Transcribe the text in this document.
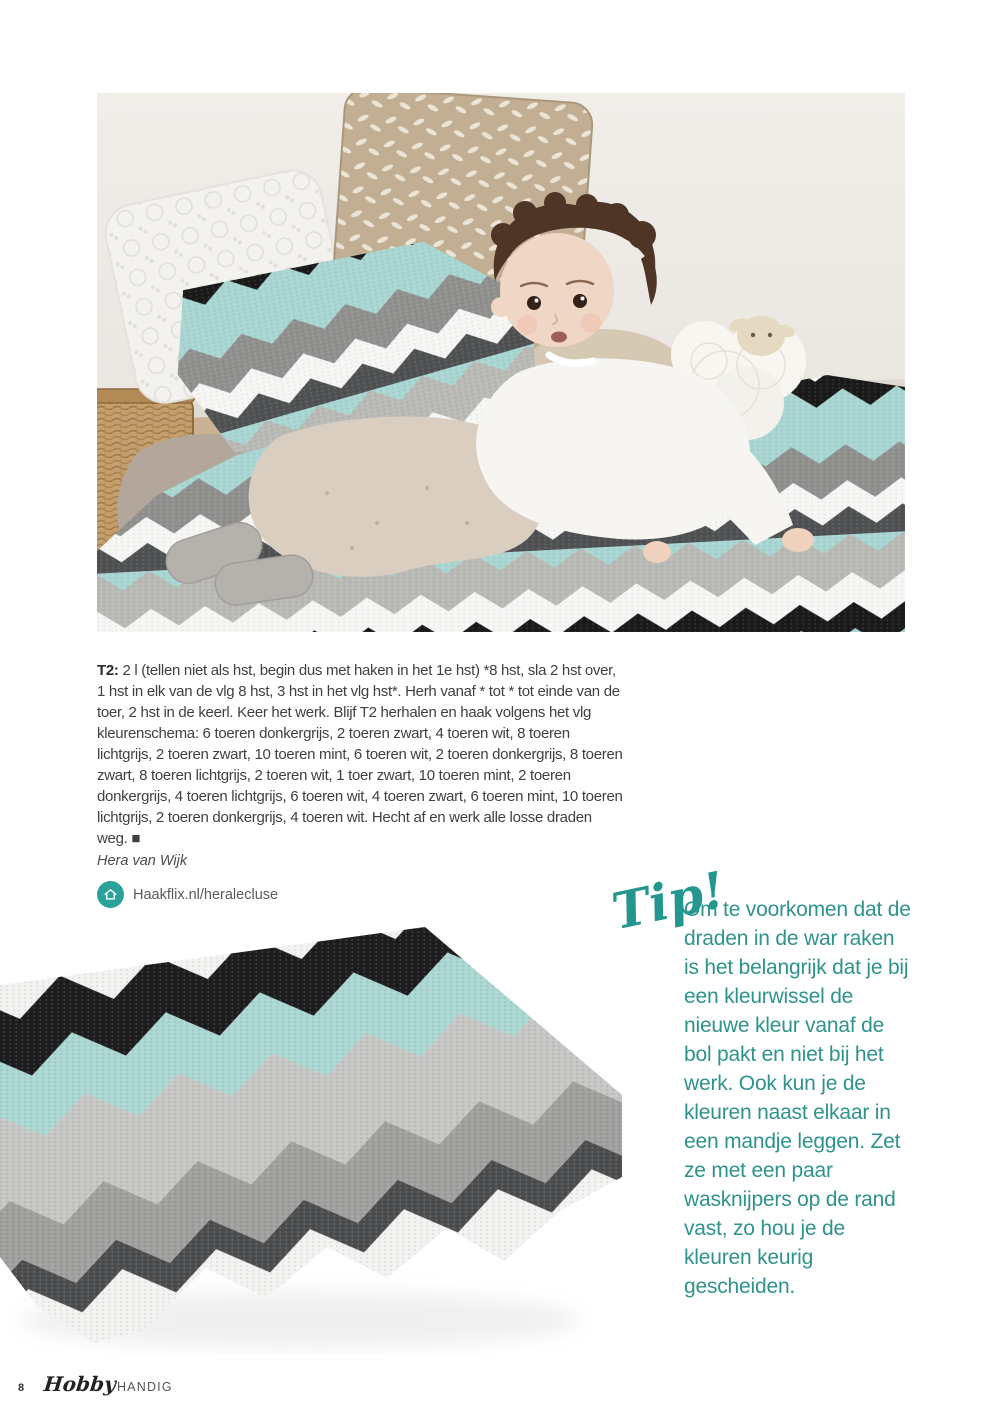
T2: 2 l (tellen niet als hst, begin dus met haken in het 1e hst) *8 hst, sla 2 hst over, 1 hst in elk van de vlg 8 hst, 3 hst in het vlg hst*. Herh vanaf * tot * tot einde van de toer, 2 hst in de keerl. Keer het werk. Blijf T2 herhalen en haak volgens het vlg kleurenschema: 6 toeren donkergrijs, 2 toeren zwart, 4 toeren wit, 8 toeren lichtgrijs, 2 toeren zwart, 10 toeren mint, 6 toeren wit, 2 toeren donkergrijs, 8 toeren zwart, 8 toeren lichtgrijs, 2 toeren wit, 1 toer zwart, 10 toeren mint, 2 toeren donkergrijs, 4 toeren lichtgrijs, 6 toeren wit, 4 toeren zwart, 6 toeren mint, 10 toeren lichtgrijs, 2 toeren donkergrijs, 4 toeren wit. Hecht af en werk alle losse draden weg. ■

Hera van Wijk

Haakflix.nl/heralecluse	Tip!

Om te voorkomen dat de draden in de war raken is het belangrijk dat je bij een kleurwissel de nieuwe kleur vanaf de bol pakt en niet bij het werk. Ook kun je de kleuren naast elkaar in een mandje leggen. Zet ze met een paar wasknijpers op de rand vast, zo hou je de kleuren keurig gescheiden.

8 Hobby HANDIG
